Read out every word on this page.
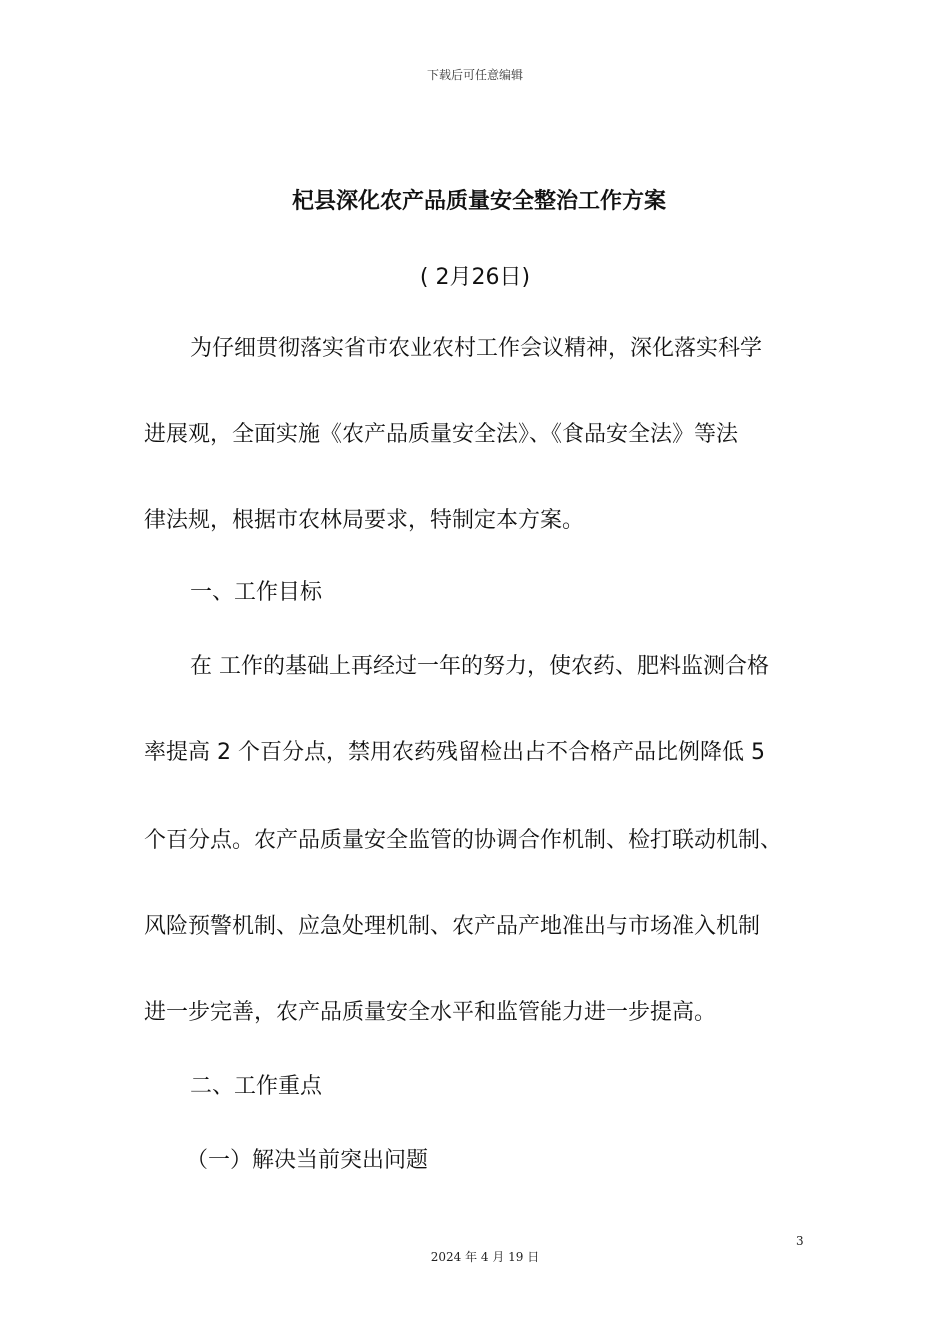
下载后可任意编辑
杞县深化农产品质量安全整治工作方案
( 2月26日)
为仔细贯彻落实省市农业农村工作会议精神，深化落实科学
进展观，全面实施《农产品质量安全法》、《食品安全法》等法
律法规，根据市农林局要求，特制定本方案。
一、工作目标
在 工作的基础上再经过一年的努力，使农药、肥料监测合格
率提高 2 个百分点，禁用农药残留检出占不合格产品比例降低 5
个百分点。农产品质量安全监管的协调合作机制、检打联动机制、
风险预警机制、应急处理机制、农产品产地准出与市场准入机制
进一步完善，农产品质量安全水平和监管能力进一步提高。
二、工作重点
（一）解决当前突出问题
3
2024 年 4 月 19 日
